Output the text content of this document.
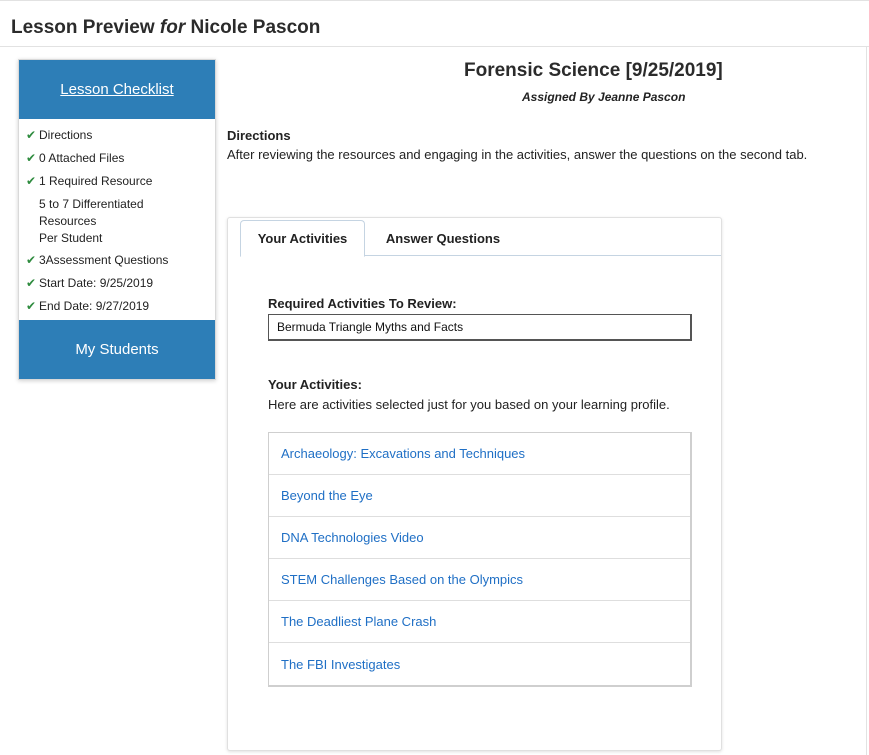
Lesson Preview for Nicole Pascon
Lesson Checklist
✔ Directions
✔ 0 Attached Files
✔ 1 Required Resource
5 to 7 Differentiated
Resources
Per Student
✔ 3Assessment Questions
✔ Start Date: 9/25/2019
✔ End Date: 9/27/2019
My Students
Forensic Science [9/25/2019]
Assigned By Jeanne Pascon
Directions
After reviewing the resources and engaging in the activities, answer the questions on the second tab.
Your Activities	Answer Questions
Required Activities To Review:
Bermuda Triangle Myths and Facts
Your Activities:
Here are activities selected just for you based on your learning profile.
Archaeology: Excavations and Techniques
Beyond the Eye
DNA Technologies Video
STEM Challenges Based on the Olympics
The Deadliest Plane Crash
The FBI Investigates
